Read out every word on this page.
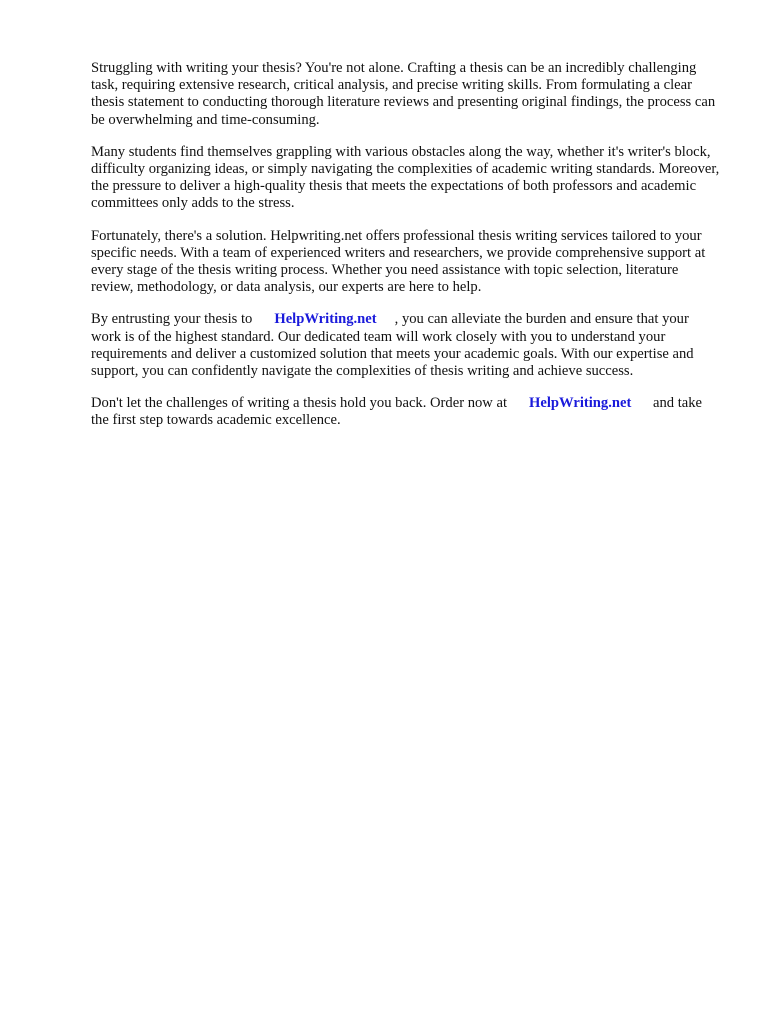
Struggling with writing your thesis? You're not alone. Crafting a thesis can be an incredibly challenging task, requiring extensive research, critical analysis, and precise writing skills. From formulating a clear thesis statement to conducting thorough literature reviews and presenting original findings, the process can be overwhelming and time-consuming.

Many students find themselves grappling with various obstacles along the way, whether it's writer's block, difficulty organizing ideas, or simply navigating the complexities of academic writing standards. Moreover, the pressure to deliver a high-quality thesis that meets the expectations of both professors and academic committees only adds to the stress.

Fortunately, there's a solution. Helpwriting.net offers professional thesis writing services tailored to your specific needs. With a team of experienced writers and researchers, we provide comprehensive support at every stage of the thesis writing process. Whether you need assistance with topic selection, literature review, methodology, or data analysis, our experts are here to help.

By entrusting your thesis to HelpWriting.net , you can alleviate the burden and ensure that your work is of the highest standard. Our dedicated team will work closely with you to understand your requirements and deliver a customized solution that meets your academic goals. With our expertise and support, you can confidently navigate the complexities of thesis writing and achieve success.

Don't let the challenges of writing a thesis hold you back. Order now at HelpWriting.net and take the first step towards academic excellence.
